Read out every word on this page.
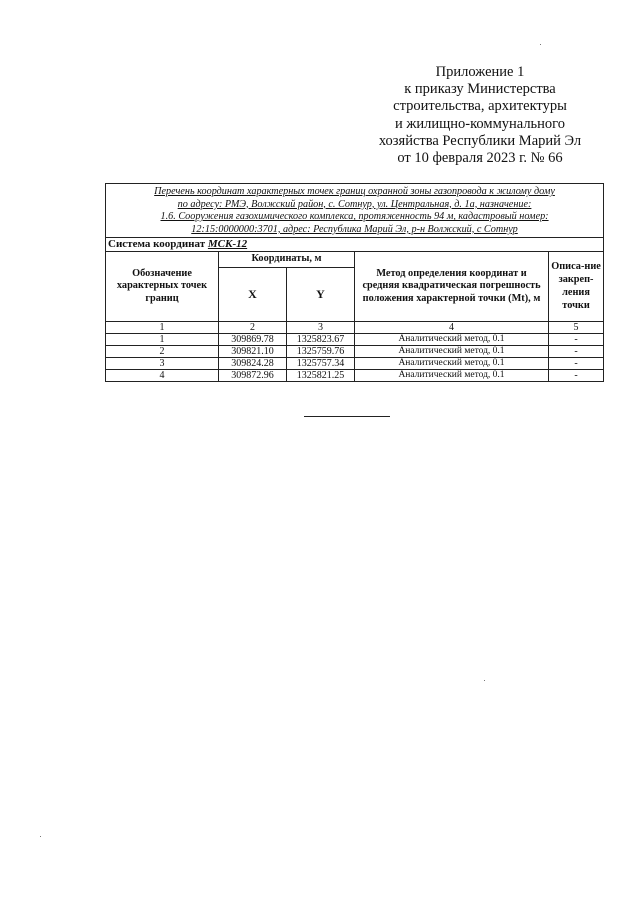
Приложение 1
к приказу Министерства
строительства, архитектуры
и жилищно-коммунального
хозяйства Республики Марий Эл
от 10 февраля 2023 г. № 66
Перечень координат характерных точек границ охранной зоны газопровода к жилому дому
по адресу: РМЭ, Волжский район, с. Сотнур, ул. Центральная, д. 1а, назначение:
1.6. Сооружения газохимического комплекса, протяженность 94 м, кадастровый номер:
12:15:0000000:3701, адрес: Республика Марий Эл, р-н Волжский, с Сотнур				

Система координат МСК-12				
Обозначение характерных точек границ	Координаты, м		Метод определения координат и средняя квадратическая погрешность положения характерной точки (Mt), м	Описа-ние закреп-ления точки
	X	Y		
1	2	3	4	5
1	309869.78	1325823.67	Аналитический метод, 0.1	-
2	309821.10	1325759.76	Аналитический метод, 0.1	-
3	309824.28	1325757.34	Аналитический метод, 0.1	-
4	309872.96	1325821.25	Аналитический метод, 0.1	-
